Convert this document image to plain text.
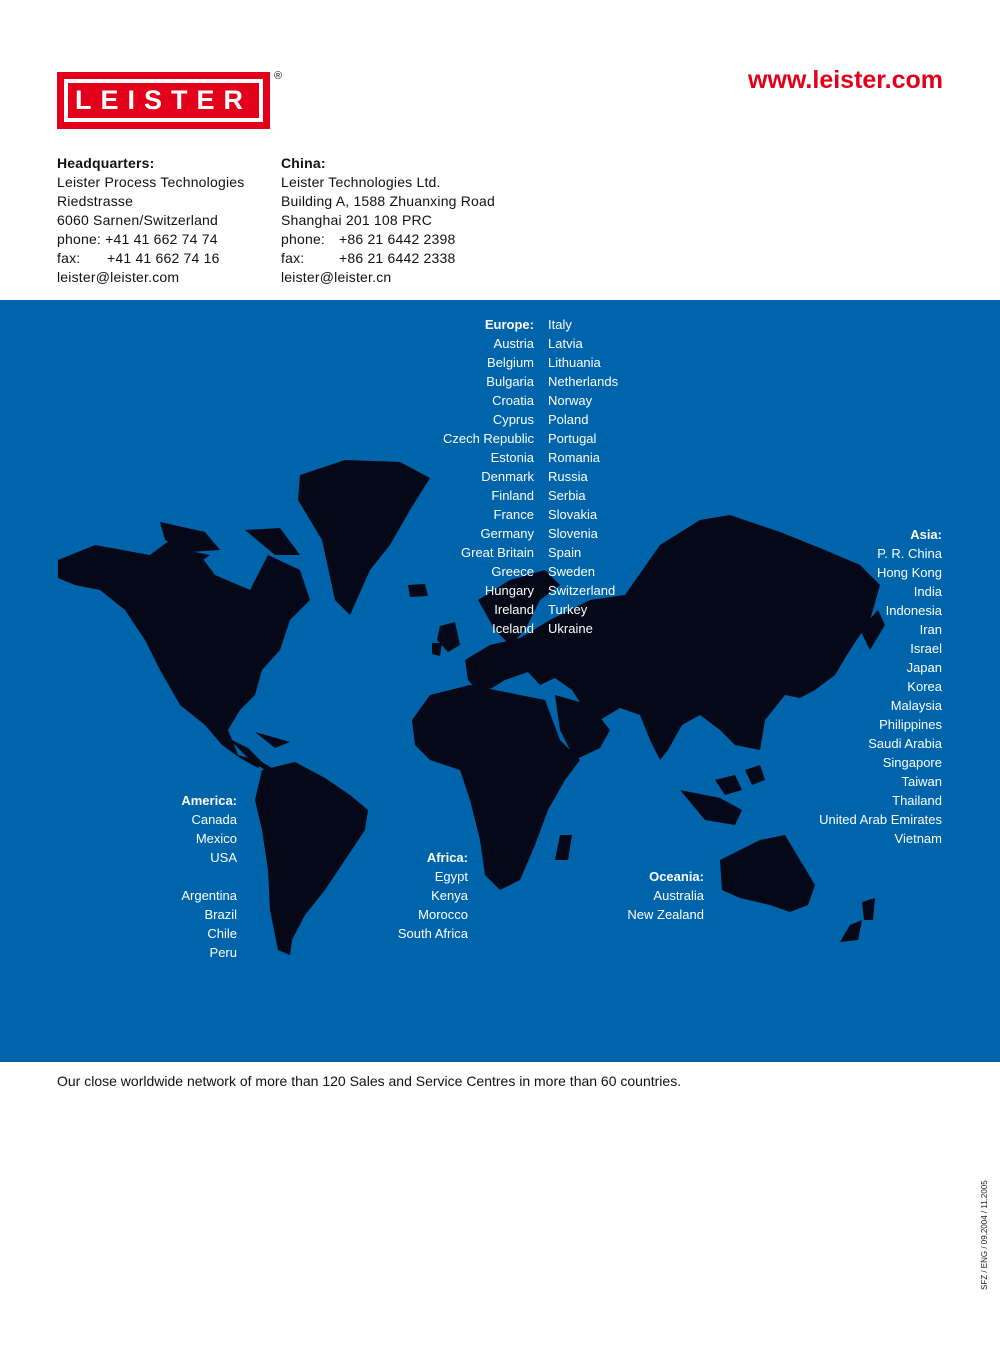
LEISTER
®	www.leister.com
Headquarters:
Leister Process Technologies
Riedstrasse
6060 Sarnen/Switzerland
phone: +41 41 662 74 74
fax: +41 41 662 74 16
leister@leister.com
China:
Leister Technologies Ltd.
Building A, 1588 Zhuanxing Road
Shanghai 201 108 PRC
phone: +86 21 6442 2398
fax: +86 21 6442 2338
leister@leister.cn
Europe:
Austria
Belgium
Bulgaria
Croatia
Cyprus
Czech Republic
Estonia
Denmark
Finland
France
Germany
Great Britain
Greece
Hungary
Ireland
Iceland
Italy
Latvia
Lithuania
Netherlands
Norway
Poland
Portugal
Romania
Russia
Serbia
Slovakia
Slovenia
Spain
Sweden
Switzerland
Turkey
Ukraine
Asia:
P. R. China
Hong Kong
India
Indonesia
Iran
Israel
Japan
Korea
Malaysia
Philippines
Saudi Arabia
Singapore
Taiwan
Thailand
United Arab Emirates
Vietnam
America:
Canada
Mexico
USA
Argentina
Brazil
Chile
Peru
Africa:
Egypt
Kenya
Morocco
South Africa
Oceania:
Australia
New Zealand
Our close worldwide network of more than 120 Sales and Service Centres in more than 60 countries.
SFZ / ENG / 09.2004 / 11.2005
